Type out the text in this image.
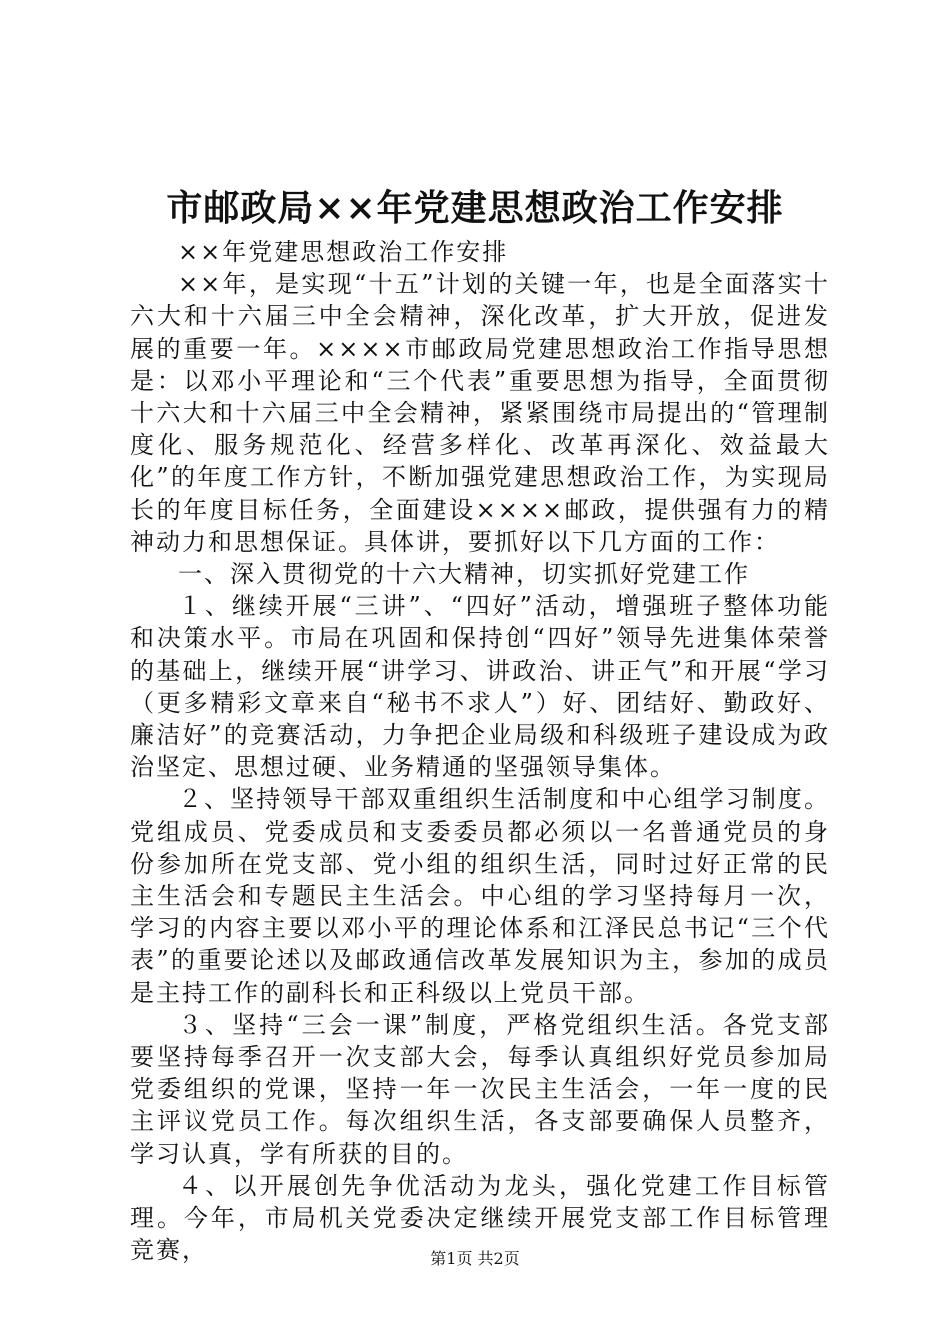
市邮政局××年党建思想政治工作安排

××年党建思想政治工作安排

××年，是实现“十五”计划的关键一年，也是全面落实十六大和十六届三中全会精神，深化改革，扩大开放，促进发展的重要一年。××××市邮政局党建思想政治工作指导思想是：以邓小平理论和“三个代表”重要思想为指导，全面贯彻十六大和十六届三中全会精神，紧紧围绕市局提出的“管理制度化、服务规范化、经营多样化、改革再深化、效益最大化”的年度工作方针，不断加强党建思想政治工作，为实现局长的年度目标任务，全面建设××××邮政，提供强有力的精神动力和思想保证。具体讲，要抓好以下几方面的工作：

一、深入贯彻党的十六大精神，切实抓好党建工作

１、继续开展“三讲”、“四好”活动，增强班子整体功能和决策水平。市局在巩固和保持创“四好”领导先进集体荣誉的基础上，继续开展“讲学习、讲政治、讲正气”和开展“学习（更多精彩文章来自“秘书不求人”）好、团结好、勤政好、廉洁好”的竞赛活动，力争把企业局级和科级班子建设成为政治坚定、思想过硬、业务精通的坚强领导集体。

２、坚持领导干部双重组织生活制度和中心组学习制度。党组成员、党委成员和支委委员都必须以一名普通党员的身份参加所在党支部、党小组的组织生活，同时过好正常的民主生活会和专题民主生活会。中心组的学习坚持每月一次，学习的内容主要以邓小平的理论体系和江泽民总书记“三个代表”的重要论述以及邮政通信改革发展知识为主，参加的成员是主持工作的副科长和正科级以上党员干部。

３、坚持“三会一课”制度，严格党组织生活。各党支部要坚持每季召开一次支部大会，每季认真组织好党员参加局党委组织的党课，坚持一年一次民主生活会，一年一度的民主评议党员工作。每次组织生活，各支部要确保人员整齐，学习认真，学有所获的目的。

４、以开展创先争优活动为龙头，强化党建工作目标管理。今年，市局机关党委决定继续开展党支部工作目标管理竞赛，	第1页 共2页
